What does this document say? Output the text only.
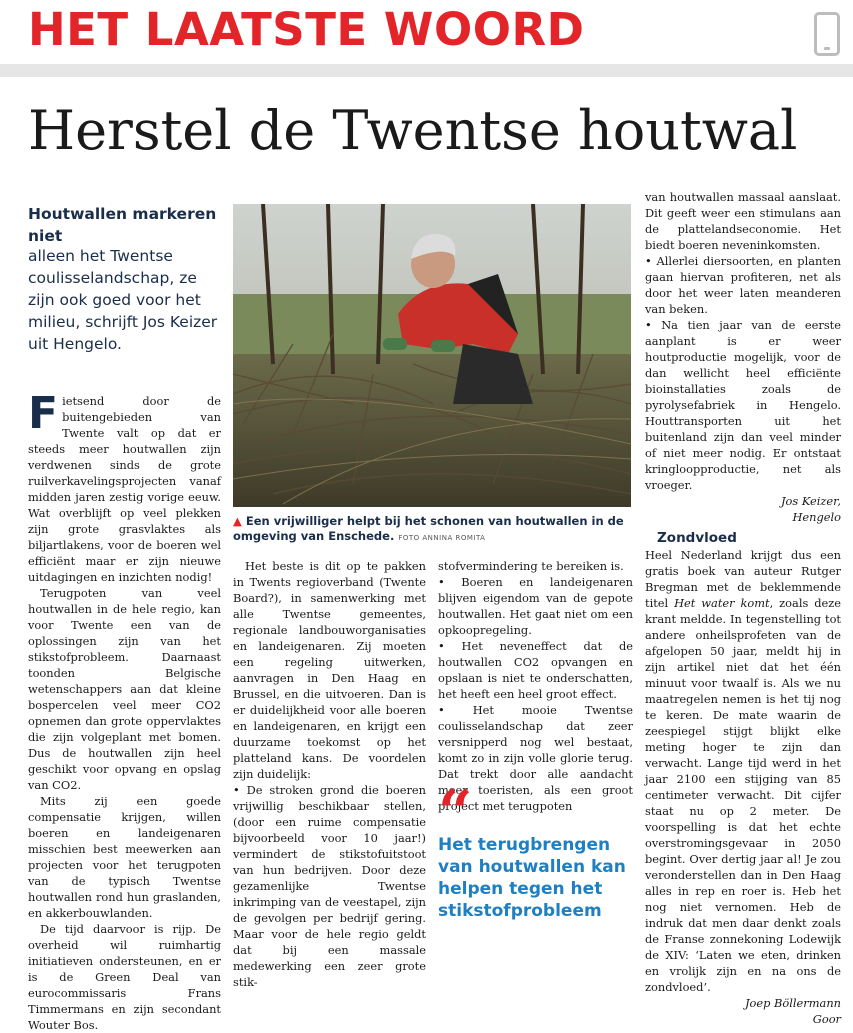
HET LAATSTE WOORD
Herstel de Twentse houtwal
Houtwallen markeren niet
alleen het Twentse coulisselandschap, ze zijn ook goed voor het milieu, schrijft Jos Keizer uit Hengelo.

Fietsend door de buitengebieden van Twente valt op dat er steeds meer houtwallen zijn verdwenen sinds de grote ruilverkavelingsprojecten vanaf midden jaren zestig vorige eeuw. Wat overblijft op veel plekken zijn grote grasvlaktes als biljartlakens, voor de boeren wel efficiënt maar er zijn nieuwe uitdagingen en inzichten nodig!

Terugpoten van veel houtwallen in de hele regio, kan voor Twente een van de oplossingen zijn van het stikstofprobleem. Daarnaast toonden Belgische wetenschappers aan dat kleine bospercelen veel meer CO2 opnemen dan grote oppervlaktes die zijn volgeplant met bomen. Dus de houtwallen zijn heel geschikt voor opvang en opslag van CO2.

Mits zij een goede compensatie krijgen, willen boeren en landeigenaren misschien best meewerken aan projecten voor het terugpoten van de typisch Twentse houtwallen rond hun graslanden, en akkerbouwlanden.

De tijd daarvoor is rijp. De overheid wil ruimhartig initiatieven ondersteunen, en er is de Green Deal van eurocommissaris Frans Timmermans en zijn secondant Wouter Bos.

▲ Een vrijwilliger helpt bij het schonen van houtwallen in de omgeving van Enschede. FOTO ANNINA ROMITA

Het beste is dit op te pakken in Twents regioverband (Twente Board?), in samenwerking met alle Twentse gemeentes, regionale landbouworganisaties en landeigenaren. Zij moeten een regeling uitwerken, aanvragen in Den Haag en Brussel, en die uitvoeren. Dan is er duidelijkheid voor alle boeren en landeigenaren, en krijgt een duurzame toekomst op het platteland kans. De voordelen zijn duidelijk:

• De stroken grond die boeren vrijwillig beschikbaar stellen, (door een ruime compensatie bijvoorbeeld voor 10 jaar!) vermindert de stikstofuitstoot van hun bedrijven. Door deze gezamenlijke Twentse inkrimping van de veestapel, zijn de gevolgen per bedrijf gering. Maar voor de hele regio geldt dat bij een massale medewerking een zeer grote stik-

stofvermindering te bereiken is.

• Boeren en landeigenaren blijven eigendom van de gepote houtwallen. Het gaat niet om een opkoopregeling.

• Het neveneffect dat de houtwallen CO2 opvangen en opslaan is niet te onderschatten, het heeft een heel groot effect.

• Het mooie Twentse coulisselandschap dat zeer versnipperd nog wel bestaat, komt zo in zijn volle glorie terug. Dat trekt door alle aandacht meer toeristen, als een groot project met terugpoten

“
Het terugbrengen van houtwallen kan helpen tegen het stikstofprobleem

van houtwallen massaal aanslaat. Dit geeft weer een stimulans aan de plattelandseconomie. Het biedt boeren neveninkomsten.

• Allerlei diersoorten, en planten gaan hiervan profiteren, net als door het weer laten meanderen van beken.

• Na tien jaar van de eerste aanplant is er weer houtproductie mogelijk, voor de dan wellicht heel efficiënte bioinstallaties zoals de pyrolysefabriek in Hengelo. Houttransporten uit het buitenland zijn dan veel minder of niet meer nodig. Er ontstaat kringloopproductie, net als vroeger.

Jos Keizer,

Hengelo

Zondvloed

Heel Nederland krijgt dus een gratis boek van auteur Rutger Bregman met de beklemmende titel Het water komt, zoals deze krant meldde. In tegenstelling tot andere onheilsprofeten van de afgelopen 50 jaar, meldt hij in zijn artikel niet dat het één minuut voor twaalf is. Als we nu maatregelen nemen is het tij nog te keren. De mate waarin de zeespiegel stijgt blijkt elke meting hoger te zijn dan verwacht. Lange tijd werd in het jaar 2100 een stijging van 85 centimeter verwacht. Dit cijfer staat nu op 2 meter. De voorspelling is dat het echte overstromingsgevaar in 2050 begint. Over dertig jaar al! Je zou veronderstellen dan in Den Haag alles in rep en roer is. Heb het nog niet vernomen. Heb de indruk dat men daar denkt zoals de Franse zonnekoning Lodewijk de XIV: ‘Laten we eten, drinken en vrolijk zijn en na ons de zondvloed’.

Joep Böllermann

Goor
